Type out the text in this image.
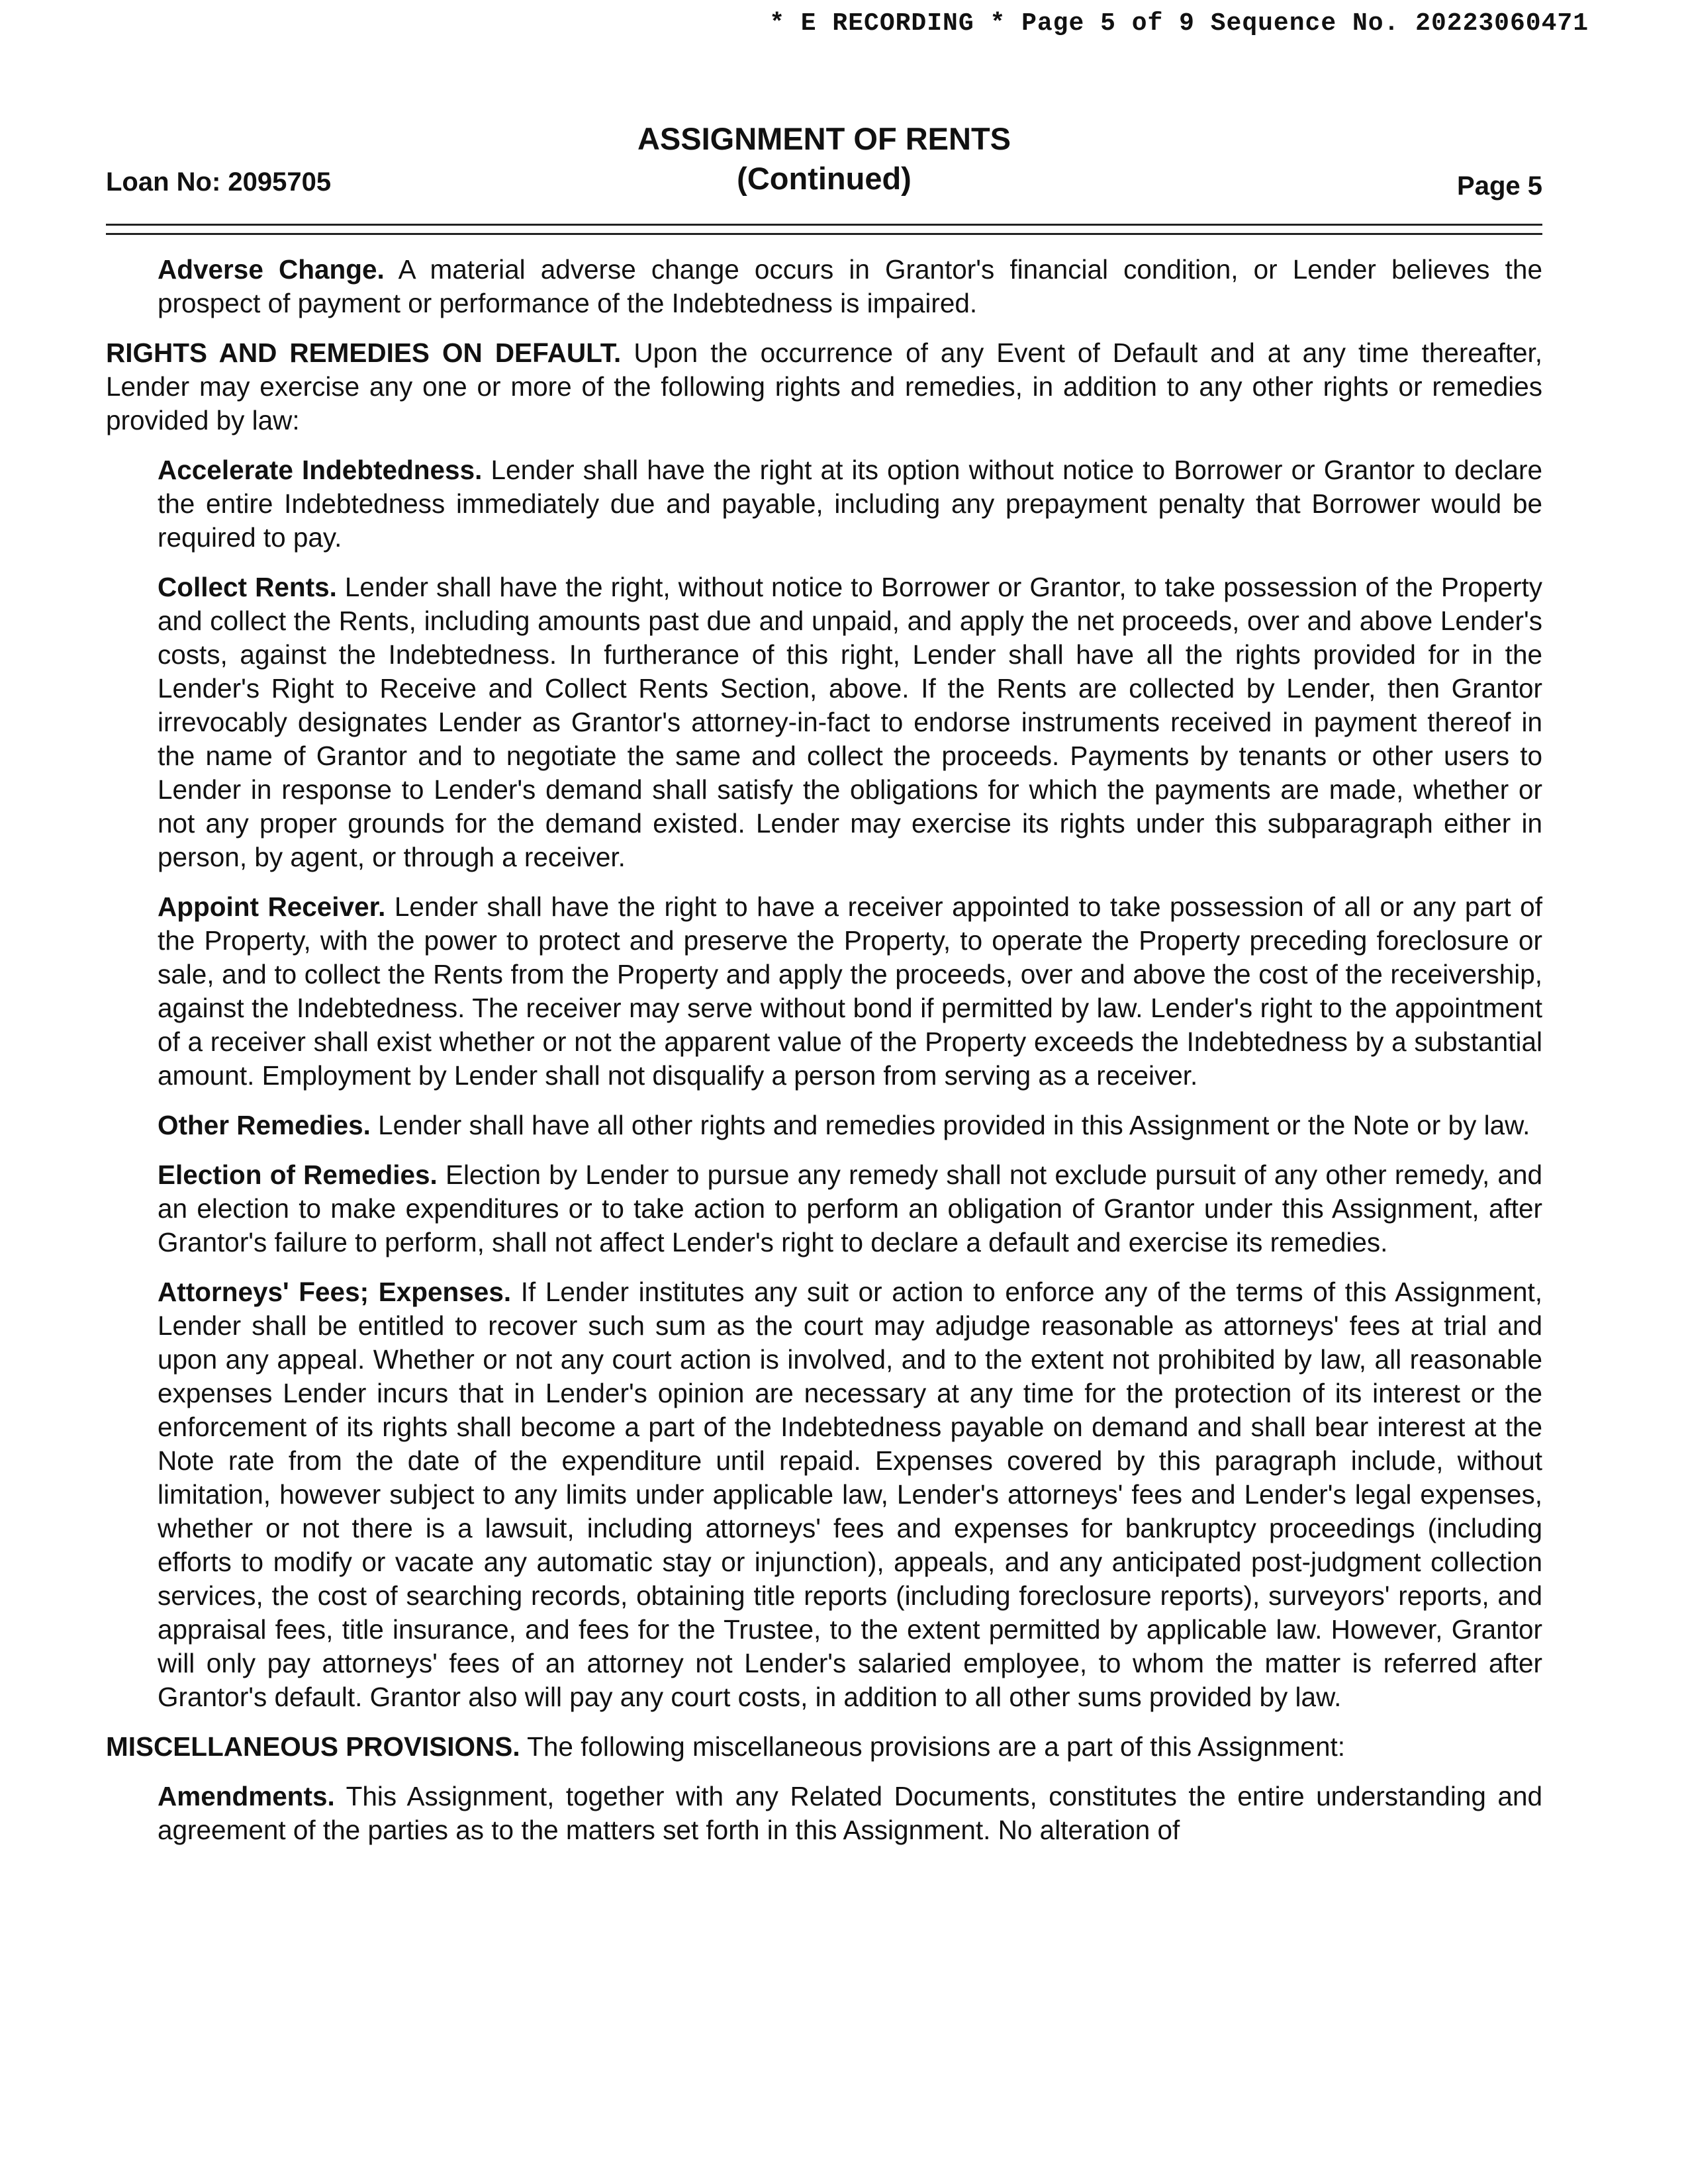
* E RECORDING * Page 5 of 9 Sequence No. 20223060471
Loan No: 2095705
ASSIGNMENT OF RENTS
(Continued)	Page 5

Adverse Change. A material adverse change occurs in Grantor's financial condition, or Lender believes the prospect of payment or performance of the Indebtedness is impaired.

RIGHTS AND REMEDIES ON DEFAULT. Upon the occurrence of any Event of Default and at any time thereafter, Lender may exercise any one or more of the following rights and remedies, in addition to any other rights or remedies provided by law:

Accelerate Indebtedness. Lender shall have the right at its option without notice to Borrower or Grantor to declare the entire Indebtedness immediately due and payable, including any prepayment penalty that Borrower would be required to pay.

Collect Rents. Lender shall have the right, without notice to Borrower or Grantor, to take possession of the Property and collect the Rents, including amounts past due and unpaid, and apply the net proceeds, over and above Lender's costs, against the Indebtedness. In furtherance of this right, Lender shall have all the rights provided for in the Lender's Right to Receive and Collect Rents Section, above. If the Rents are collected by Lender, then Grantor irrevocably designates Lender as Grantor's attorney-in-fact to endorse instruments received in payment thereof in the name of Grantor and to negotiate the same and collect the proceeds. Payments by tenants or other users to Lender in response to Lender's demand shall satisfy the obligations for which the payments are made, whether or not any proper grounds for the demand existed. Lender may exercise its rights under this subparagraph either in person, by agent, or through a receiver.

Appoint Receiver. Lender shall have the right to have a receiver appointed to take possession of all or any part of the Property, with the power to protect and preserve the Property, to operate the Property preceding foreclosure or sale, and to collect the Rents from the Property and apply the proceeds, over and above the cost of the receivership, against the Indebtedness. The receiver may serve without bond if permitted by law. Lender's right to the appointment of a receiver shall exist whether or not the apparent value of the Property exceeds the Indebtedness by a substantial amount. Employment by Lender shall not disqualify a person from serving as a receiver.

Other Remedies. Lender shall have all other rights and remedies provided in this Assignment or the Note or by law.

Election of Remedies. Election by Lender to pursue any remedy shall not exclude pursuit of any other remedy, and an election to make expenditures or to take action to perform an obligation of Grantor under this Assignment, after Grantor's failure to perform, shall not affect Lender's right to declare a default and exercise its remedies.

Attorneys' Fees; Expenses. If Lender institutes any suit or action to enforce any of the terms of this Assignment, Lender shall be entitled to recover such sum as the court may adjudge reasonable as attorneys' fees at trial and upon any appeal. Whether or not any court action is involved, and to the extent not prohibited by law, all reasonable expenses Lender incurs that in Lender's opinion are necessary at any time for the protection of its interest or the enforcement of its rights shall become a part of the Indebtedness payable on demand and shall bear interest at the Note rate from the date of the expenditure until repaid. Expenses covered by this paragraph include, without limitation, however subject to any limits under applicable law, Lender's attorneys' fees and Lender's legal expenses, whether or not there is a lawsuit, including attorneys' fees and expenses for bankruptcy proceedings (including efforts to modify or vacate any automatic stay or injunction), appeals, and any anticipated post-judgment collection services, the cost of searching records, obtaining title reports (including foreclosure reports), surveyors' reports, and appraisal fees, title insurance, and fees for the Trustee, to the extent permitted by applicable law. However, Grantor will only pay attorneys' fees of an attorney not Lender's salaried employee, to whom the matter is referred after Grantor's default. Grantor also will pay any court costs, in addition to all other sums provided by law.

MISCELLANEOUS PROVISIONS. The following miscellaneous provisions are a part of this Assignment:

Amendments. This Assignment, together with any Related Documents, constitutes the entire understanding and agreement of the parties as to the matters set forth in this Assignment. No alteration of
